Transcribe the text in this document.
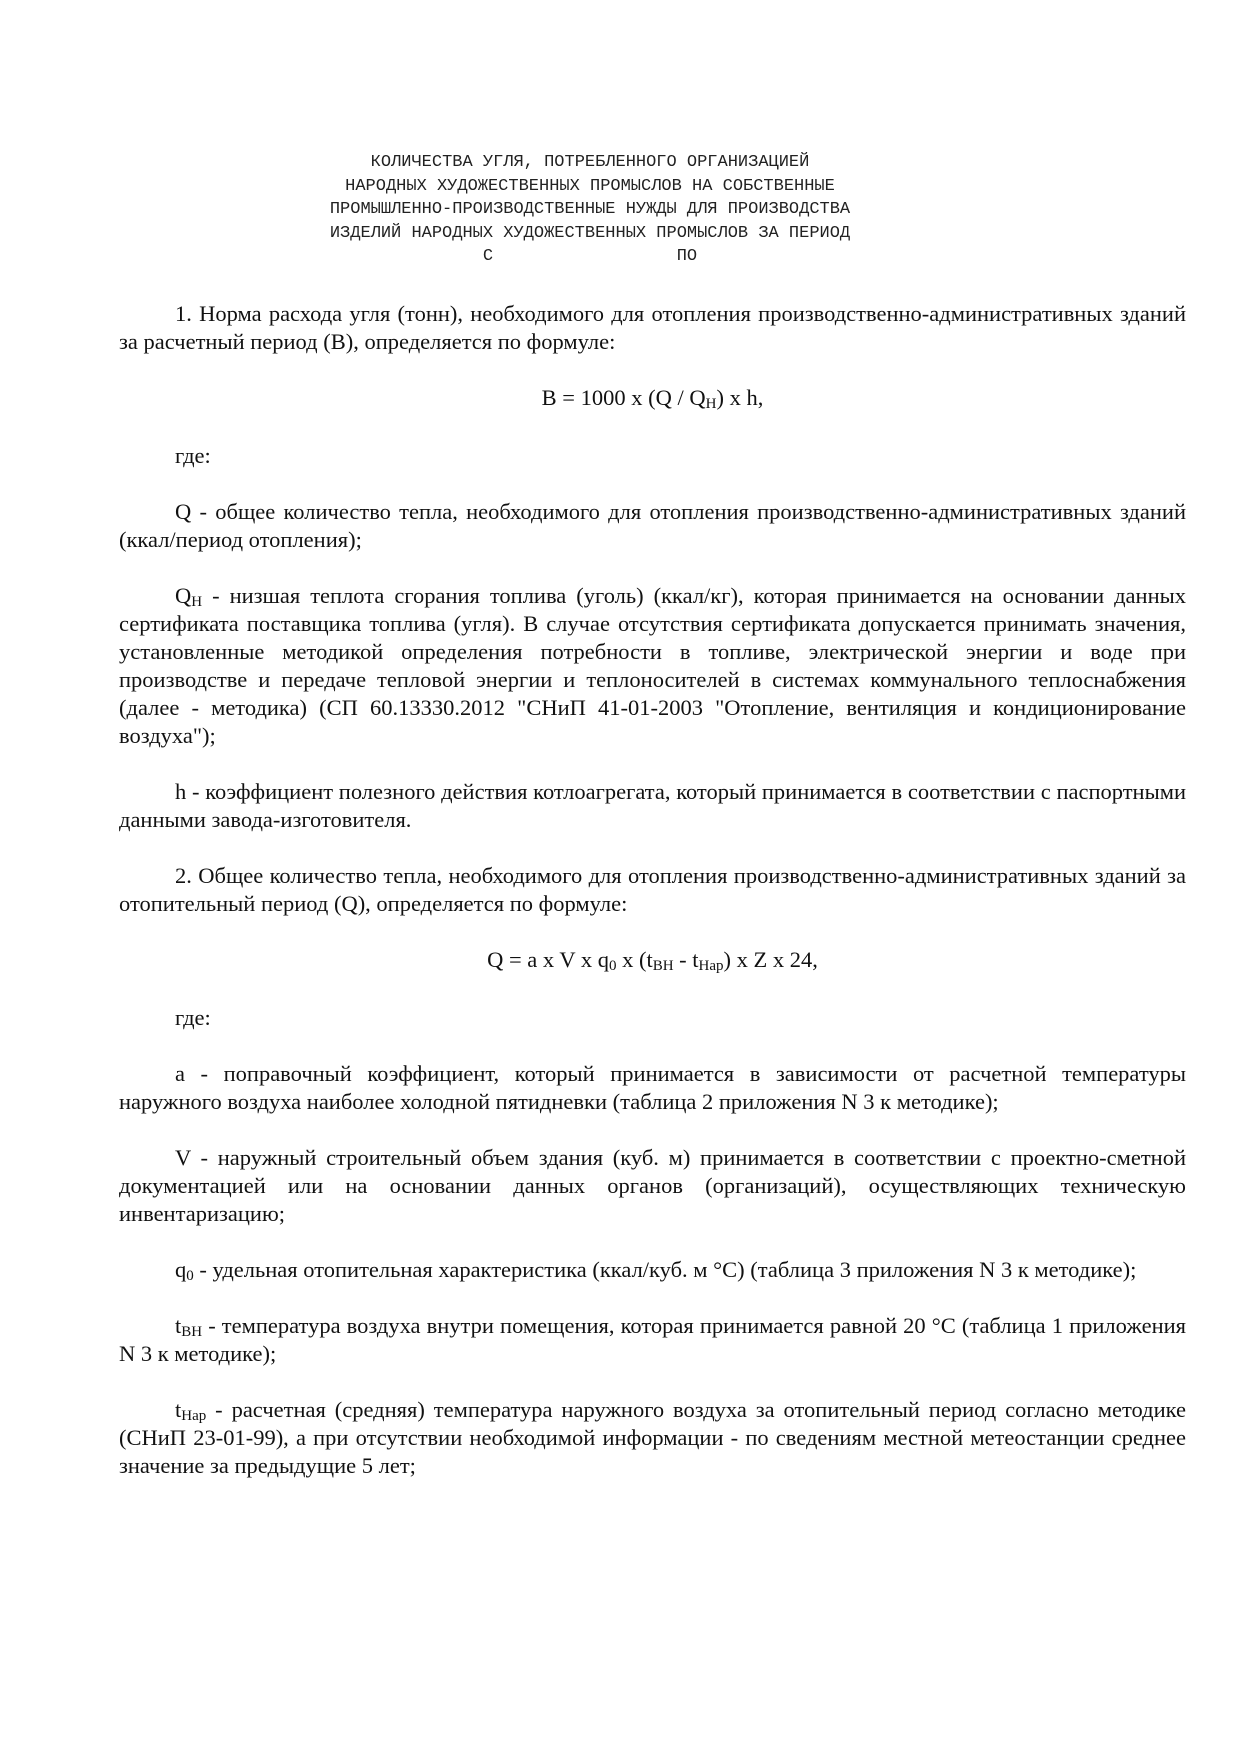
КОЛИЧЕСТВА УГЛЯ, ПОТРЕБЛЕННОГО ОРГАНИЗАЦИЕЙ
НАРОДНЫХ ХУДОЖЕСТВЕННЫХ ПРОМЫСЛОВ НА СОБСТВЕННЫЕ
ПРОМЫШЛЕННО-ПРОИЗВОДСТВЕННЫЕ НУЖДЫ ДЛЯ ПРОИЗВОДСТВА
ИЗДЕЛИЙ НАРОДНЫХ ХУДОЖЕСТВЕННЫХ ПРОМЫСЛОВ ЗА ПЕРИОД
С                  ПО

1. Норма расхода угля (тонн), необходимого для отопления производственно-административных зданий за расчетный период (В), определяется по формуле:

B = 1000 x $(Q / Q_Н)$ x h,

где:

Q - общее количество тепла, необходимого для отопления производственно-административных зданий (ккал/период отопления);

$Q_Н$ - низшая теплота сгорания топлива (уголь) (ккал/кг), которая принимается на основании данных сертификата поставщика топлива (угля). В случае отсутствия сертификата допускается принимать значения, установленные методикой определения потребности в топливе, электрической энергии и воде при производстве и передаче тепловой энергии и теплоносителей в системах коммунального теплоснабжения (далее - методика) (СП 60.13330.2012 "СНиП 41-01-2003 "Отопление, вентиляция и кондиционирование воздуха");

h - коэффициент полезного действия котлоагрегата, который принимается в соответствии с паспортными данными завода-изготовителя.

2. Общее количество тепла, необходимого для отопления производственно-административных зданий за отопительный период (Q), определяется по формуле:

Q = a x V x $q_0$ x $(t_{ВН} - t_{Нар})$ x Z x 24,

где:

a - поправочный коэффициент, который принимается в зависимости от расчетной температуры наружного воздуха наиболее холодной пятидневки (таблица 2 приложения N 3 к методике);

V - наружный строительный объем здания (куб. м) принимается в соответствии с проектно-сметной документацией или на основании данных органов (организаций), осуществляющих техническую инвентаризацию;

$q_0$ - удельная отопительная характеристика (ккал/куб. м °C) (таблица 3 приложения N 3 к методике);

$t_{ВН}$ - температура воздуха внутри помещения, которая принимается равной 20 °C (таблица 1 приложения N 3 к методике);

$t_{Нар}$ - расчетная (средняя) температура наружного воздуха за отопительный период согласно методике (СНиП 23-01-99), а при отсутствии необходимой информации - по сведениям местной метеостанции среднее значение за предыдущие 5 лет;
